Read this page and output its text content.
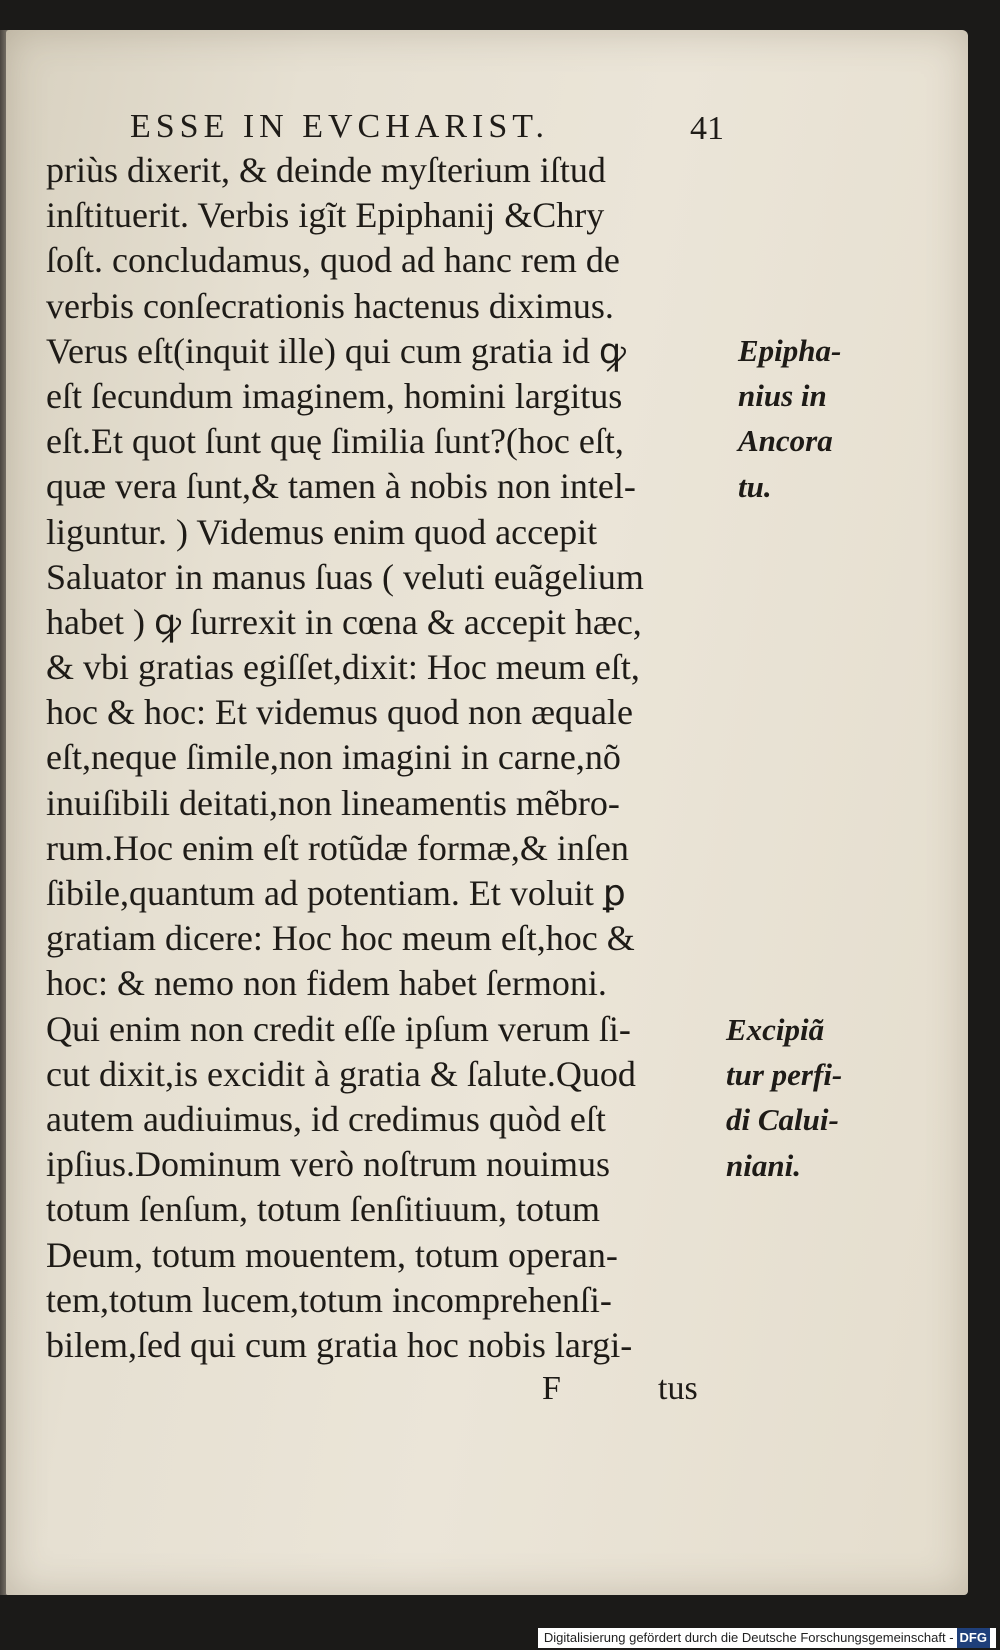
ESSE IN EVCHARIST.	41
priùs dixerit, & deinde myſterium iſtud
inſtituerit. Verbis igĩt Epiphanij &Chry
ſoſt. concludamus, quod ad hanc rem de
verbis conſecrationis hactenus diximus.
Verus eſt(inquit ille) qui cum gratia id ꝙ
eſt ſecundum imaginem, homini largitus
eſt.Et quot ſunt quę ſimilia ſunt?(hoc eſt,
quæ vera ſunt,& tamen à nobis non intel-
liguntur. ) Videmus enim quod accepit
Saluator in manus ſuas ( veluti euãgelium
habet ) ꝙ ſurrexit in cœna & accepit hæc,
& vbi gratias egiſſet,dixit: Hoc meum eſt,
hoc & hoc: Et videmus quod non æquale
eſt,neque ſimile,non imagini in carne,nõ
inuiſibili deitati,non lineamentis mẽbro-
rum.Hoc enim eſt rotũdæ formæ,& inſen
ſibile,quantum ad potentiam. Et voluit ꝑ
gratiam dicere: Hoc hoc meum eſt,hoc &
hoc: & nemo non fidem habet ſermoni.
Qui enim non credit eſſe ipſum verum ſi-
cut dixit,is excidit à gratia & ſalute.Quod
autem audiuimus, id credimus quòd eſt
ipſius.Dominum verò noſtrum nouimus
totum ſenſum, totum ſenſitiuum, totum
Deum, totum mouentem, totum operan-
tem,totum lucem,totum incomprehenſi-
bilem,ſed qui cum gratia hoc nobis largi-
Epipha-
nius in
Ancora
tu.
Excipiã
tur perfi-
di Calui-
niani.
F	tus
Digitalisierung gefördert durch die Deutsche Forschungsgemeinschaft - DFG
